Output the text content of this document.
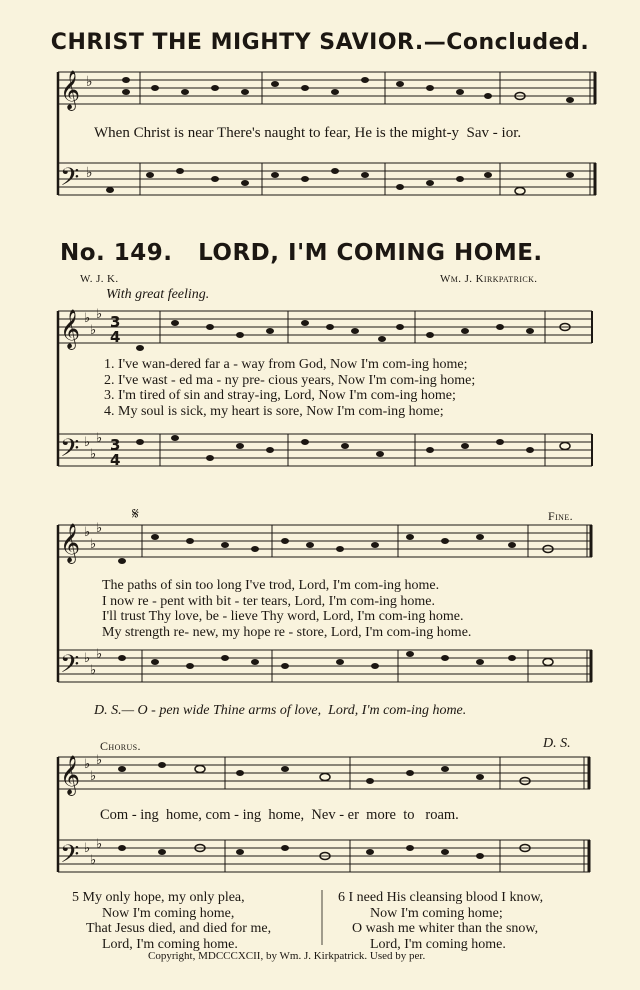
CHRIST THE MIGHTY SAVIOR.—Concluded.
No. 149. LORD, I'M COMING HOME.
𝄞
𝄢
𝄞
𝄢
𝄞
𝄢
𝄞
𝄢
♭
♭
♭
♭
♭
♭
♭
♭
♭
♭
♭
♭
♭
♭
♭
♭
♭
♭
♭
♭
3
4
3
4
When Christ is near There's naught to fear, He is the might-y  Sav - ior.
W. J. K.	Wm. J. Kirkpatrick.
With great feeling.
1. I've wan-dered far a - way from God, Now I'm com-ing home;
2. I've wast - ed ma - ny pre- cious years, Now I'm com-ing home;
3. I'm tired of sin and stray-ing, Lord, Now I'm com-ing home;
4. My soul is sick, my heart is sore, Now I'm com-ing home;
𝄋	Fine.
The paths of sin too long I've trod, Lord, I'm com-ing home.
I now re - pent with bit - ter tears, Lord, I'm com-ing home.
I'll trust Thy love, be - lieve Thy word, Lord, I'm com-ing home.
My strength re- new, my hope re - store, Lord, I'm com-ing home.
D. S.— O - pen wide Thine arms of love,  Lord, I'm com-ing home.
Chorus.	D. S.
Com - ing  home, com - ing  home,  Nev - er  more  to   roam.
5 My only hope, my only plea,
Now I'm coming home,
That Jesus died, and died for me,
Lord, I'm coming home.
6 I need His cleansing blood I know,
Now I'm coming home;
O wash me whiter than the snow,
Lord, I'm coming home.
Copyright, MDCCCXCII, by Wm. J. Kirkpatrick. Used by per.
